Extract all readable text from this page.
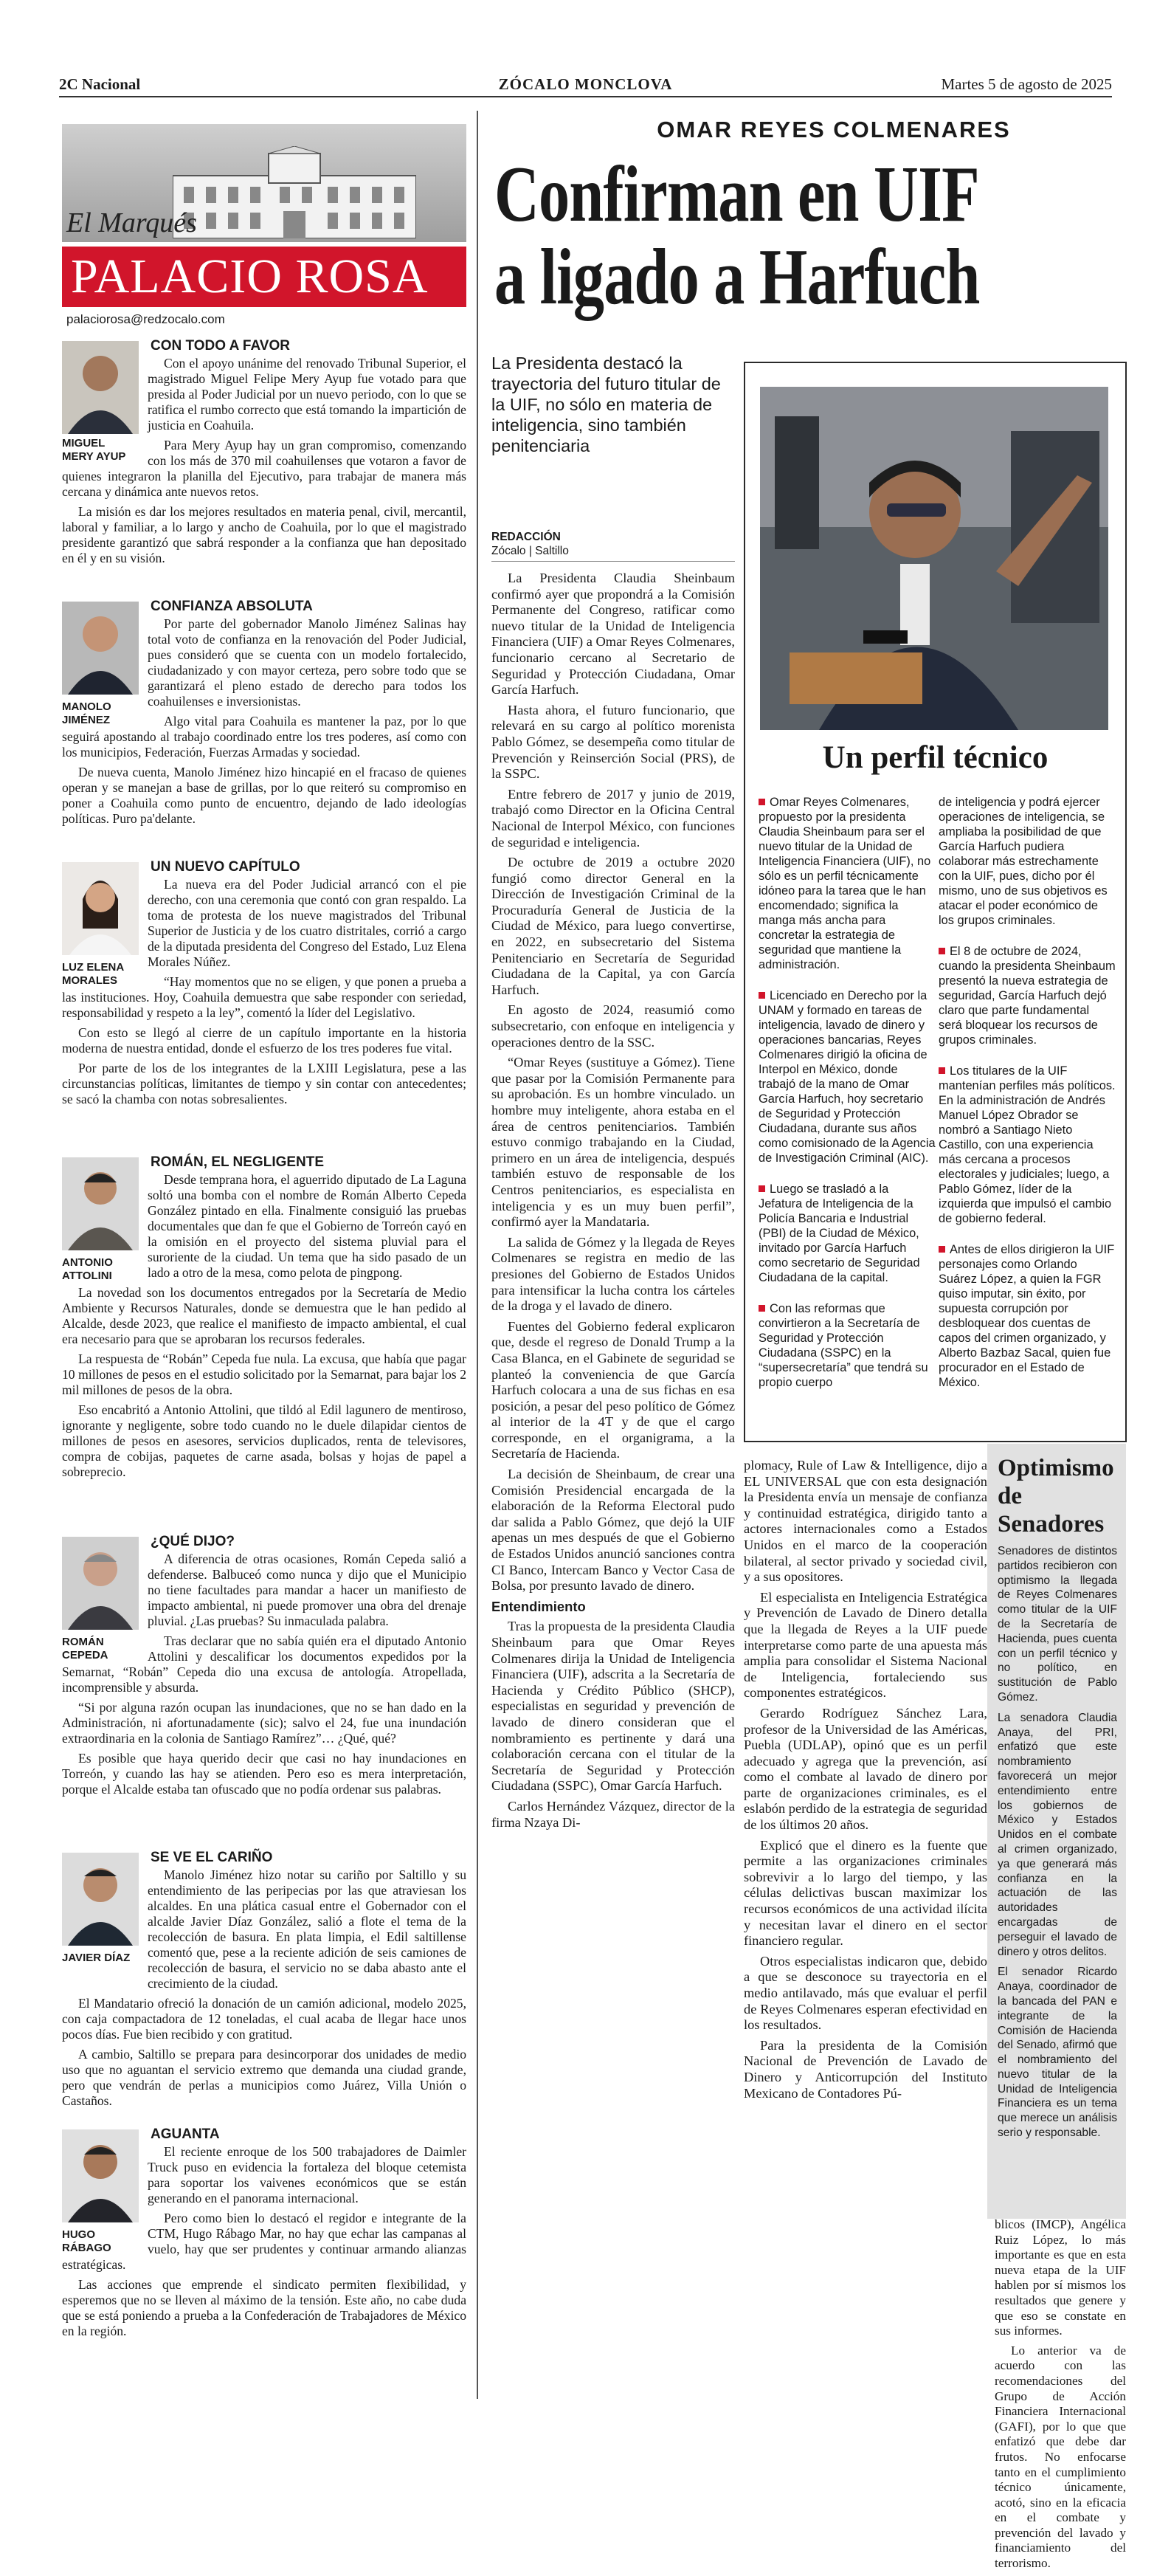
2C Nacional	ZÓCALO MONCLOVA	Martes 5 de agosto de 2025
El Marqués
PALACIO ROSA
palaciorosa@redzocalo.com
MIGUEL MERY AYUP
CON TODO A FAVOR

Con el apoyo unánime del renovado Tribunal Superior, el magistrado Miguel Felipe Mery Ayup fue votado para que presida al Poder Judicial por un nuevo periodo, con lo que se ratifica el rumbo correcto que está tomando la impartición de justicia en Coahuila.

Para Mery Ayup hay un gran compromiso, comenzando con los más de 370 mil coahuilenses que votaron a favor de quienes integraron la planilla del Ejecutivo, para trabajar de manera más cercana y dinámica ante nuevos retos.

La misión es dar los mejores resultados en materia penal, civil, mercantil, laboral y familiar, a lo largo y ancho de Coahuila, por lo que el magistrado presidente garantizó que sabrá responder a la confianza que han depositado en él y en su visión.

MANOLO JIMÉNEZ
CONFIANZA ABSOLUTA

Por parte del gobernador Manolo Jiménez Salinas hay total voto de confianza en la renovación del Poder Judicial, pues consideró que se cuenta con un modelo fortalecido, ciudadanizado y con mayor certeza, pero sobre todo que se garantizará el pleno estado de derecho para todos los coahuilenses e inversionistas.

Algo vital para Coahuila es mantener la paz, por lo que seguirá apostando al trabajo coordinado entre los tres poderes, así como con los municipios, Federación, Fuerzas Armadas y sociedad.

De nueva cuenta, Manolo Jiménez hizo hincapié en el fracaso de quienes operan y se manejan a base de grillas, por lo que reiteró su compromiso en poner a Coahuila como punto de encuentro, dejando de lado ideologías políticas. Puro pa'delante.

LUZ ELENA MORALES
UN NUEVO CAPÍTULO

La nueva era del Poder Judicial arrancó con el pie derecho, con una ceremonia que contó con gran respaldo. La toma de protesta de los nueve magistrados del Tribunal Superior de Justicia y de los cuatro distritales, corrió a cargo de la diputada presidenta del Congreso del Estado, Luz Elena Morales Núñez.

“Hay momentos que no se eligen, y que ponen a prueba a las instituciones. Hoy, Coahuila demuestra que sabe responder con seriedad, responsabilidad y respeto a la ley”, comentó la líder del Legislativo.

Con esto se llegó al cierre de un capítulo importante en la historia moderna de nuestra entidad, donde el esfuerzo de los tres poderes fue vital.

Por parte de los de los integrantes de la LXIII Legislatura, pese a las circunstancias políticas, limitantes de tiempo y sin contar con antecedentes; se sacó la chamba con notas sobresalientes.

ANTONIO ATTOLINI
ROMÁN, EL NEGLIGENTE

Desde temprana hora, el aguerrido diputado de La Laguna soltó una bomba con el nombre de Román Alberto Cepeda González pintado en ella. Finalmente consiguió las pruebas documentales que dan fe que el Gobierno de Torreón cayó en la omisión en el proyecto del sistema pluvial para el suroriente de la ciudad. Un tema que ha sido pasado de un lado a otro de la mesa, como pelota de pingpong.

La novedad son los documentos entregados por la Secretaría de Medio Ambiente y Recursos Naturales, donde se demuestra que le han pedido al Alcalde, desde 2023, que realice el manifiesto de impacto ambiental, el cual era necesario para que se aprobaran los recursos federales.

La respuesta de “Robán” Cepeda fue nula. La excusa, que había que pagar 10 millones de pesos en el estudio solicitado por la Semarnat, para bajar los 2 mil millones de pesos de la obra.

Eso encabritó a Antonio Attolini, que tildó al Edil lagunero de mentiroso, ignorante y negligente, sobre todo cuando no le duele dilapidar cientos de millones de pesos en asesores, servicios duplicados, renta de televisores, compra de cobijas, paquetes de carne asada, bolsas y hojas de papel a sobreprecio.

ROMÁN CEPEDA
¿QUÉ DIJO?

A diferencia de otras ocasiones, Román Cepeda salió a defenderse. Balbuceó como nunca y dijo que el Municipio no tiene facultades para mandar a hacer un manifiesto de impacto ambiental, ni puede promover una obra del drenaje pluvial. ¿Las pruebas? Su inmaculada palabra.

Tras declarar que no sabía quién era el diputado Antonio Attolini y descalificar los documentos expedidos por la Semarnat, “Robán” Cepeda dio una excusa de antología. Atropellada, incomprensible y absurda.

“Si por alguna razón ocupan las inundaciones, que no se han dado en la Administración, ni afortunadamente (sic); salvo el 24, fue una inundación extraordinaria en la colonia de Santiago Ramírez”… ¿Qué, qué?

Es posible que haya querido decir que casi no hay inundaciones en Torreón, y cuando las hay se atienden. Pero eso es mera interpretación, porque el Alcalde estaba tan ofuscado que no podía ordenar sus palabras.

JAVIER DÍAZ
SE VE EL CARIÑO

Manolo Jiménez hizo notar su cariño por Saltillo y su entendimiento de las peripecias por las que atraviesan los alcaldes. En una plática casual entre el Gobernador con el alcalde Javier Díaz González, salió a flote el tema de la recolección de basura. En plata limpia, el Edil saltillense comentó que, pese a la reciente adición de seis camiones de recolección de basura, el servicio no se daba abasto ante el crecimiento de la ciudad.

El Mandatario ofreció la donación de un camión adicional, modelo 2025, con caja compactadora de 12 toneladas, el cual acaba de llegar hace unos pocos días. Fue bien recibido y con gratitud.

A cambio, Saltillo se prepara para desincorporar dos unidades de medio uso que no aguantan el servicio extremo que demanda una ciudad grande, pero que vendrán de perlas a municipios como Juárez, Villa Unión o Castaños.

HUGO RÁBAGO
AGUANTA

El reciente enroque de los 500 trabajadores de Daimler Truck puso en evidencia la fortaleza del bloque cetemista para soportar los vaivenes económicos que se están generando en el panorama internacional.

Pero como bien lo destacó el regidor e integrante de la CTM, Hugo Rábago Mar, no hay que echar las campanas al vuelo, hay que ser prudentes y continuar armando alianzas estratégicas.

Las acciones que emprende el sindicato permiten flexibilidad, y esperemos que no se lleven al máximo de la tensión. Este año, no cabe duda que se está poniendo a prueba a la Confederación de Trabajadores de México en la región.

OMAR REYES COLMENARES
Confirman en UIF
a ligado a Harfuch
La Presidenta destacó la trayectoria del futuro titular de la UIF, no sólo en materia de inteligencia, sino también penitenciaria
REDACCIÓN
Zócalo | Saltillo

La Presidenta Claudia Sheinbaum confirmó ayer que propondrá a la Comisión Permanente del Congreso, ratificar como nuevo titular de la Unidad de Inteligencia Financiera (UIF) a Omar Reyes Colmenares, funcionario cercano al Secretario de Seguridad y Protección Ciudadana, Omar García Harfuch.

Hasta ahora, el futuro funcionario, que relevará en su cargo al político morenista Pablo Gómez, se desempeña como titular de Prevención y Reinserción Social (PRS), de la SSPC.

Entre febrero de 2017 y junio de 2019, trabajó como Director en la Oficina Central Nacional de Interpol México, con funciones de seguridad e inteligencia.

De octubre de 2019 a octubre 2020 fungió como director General en la Dirección de Investigación Criminal de la Procuraduría General de Justicia de la Ciudad de México, para luego convertirse, en 2022, en subsecretario del Sistema Penitenciario en Secretaría de Seguridad Ciudadana de la Capital, ya con García Harfuch.

En agosto de 2024, reasumió como subsecretario, con enfoque en inteligencia y operaciones dentro de la SSC.

“Omar Reyes (sustituye a Gómez). Tiene que pasar por la Comisión Permanente para su aprobación. Es un hombre vinculado. un hombre muy inteligente, ahora estaba en el área de centros penitenciarios. También estuvo conmigo trabajando en la Ciudad, primero en un área de inteligencia, después también estuvo de responsable de los Centros penitenciarios, es especialista en inteligencia y es un muy buen perfil”, confirmó ayer la Mandataria.

La salida de Gómez y la llegada de Reyes Colmenares se registra en medio de las presiones del Gobierno de Estados Unidos para intensificar la lucha contra los cárteles de la droga y el lavado de dinero.

Fuentes del Gobierno federal explicaron que, desde el regreso de Donald Trump a la Casa Blanca, en el Gabinete de seguridad se planteó la conveniencia de que García Harfuch colocara a una de sus fichas en esa posición, a pesar del peso político de Gómez al interior de la 4T y de que el cargo corresponde, en el organigrama, a la Secretaría de Hacienda.

La decisión de Sheinbaum, de crear una Comisión Presidencial encargada de la elaboración de la Reforma Electoral pudo dar salida a Pablo Gómez, que dejó la UIF apenas un mes después de que el Gobierno de Estados Unidos anunció sanciones contra CI Banco, Intercam Banco y Vector Casa de Bolsa, por presunto lavado de dinero.

Entendimiento

Tras la propuesta de la presidenta Claudia Sheinbaum para que Omar Reyes Colmenares dirija la Unidad de Inteligencia Financiera (UIF), adscrita a la Secretaría de Hacienda y Crédito Público (SHCP), especialistas en seguridad y prevención de lavado de dinero consideran que el nombramiento es pertinente y dará una colaboración cercana con el titular de la Secretaría de Seguridad y Protección Ciudadana (SSPC), Omar García Harfuch.

Carlos Hernández Vázquez, director de la firma Nzaya Di-

Un perfil técnico

Omar Reyes Colmenares, propuesto por la presidenta Claudia Sheinbaum para ser el nuevo titular de la Unidad de Inteligencia Financiera (UIF), no sólo es un perfil técnicamente idóneo para la tarea que le han encomendado; significa la manga más ancha para concretar la estrategia de seguridad que mantiene la administración.

Licenciado en Derecho por la UNAM y formado en tareas de inteligencia, lavado de dinero y operaciones bancarias, Reyes Colmenares dirigió la oficina de Interpol en México, donde trabajó de la mano de Omar García Harfuch, hoy secretario de Seguridad y Protección Ciudadana, durante sus años como comisionado de la Agencia de Investigación Criminal (AIC).

Luego se trasladó a la Jefatura de Inteligencia de la Policía Bancaria e Industrial (PBI) de la Ciudad de México, invitado por García Harfuch como secretario de Seguridad Ciudadana de la capital.

Con las reformas que convirtieron a la Secretaría de Seguridad y Protección Ciudadana (SSPC) en la “supersecretaría” que tendrá su propio cuerpo

de inteligencia y podrá ejercer operaciones de inteligencia, se ampliaba la posibilidad de que García Harfuch pudiera colaborar más estrechamente con la UIF, pues, dicho por él mismo, uno de sus objetivos es atacar el poder económico de los grupos criminales.

El 8 de octubre de 2024, cuando la presidenta Sheinbaum presentó la nueva estrategia de seguridad, García Harfuch dejó claro que parte fundamental será bloquear los recursos de grupos criminales.

Los titulares de la UIF mantenían perfiles más políticos. En la administración de Andrés Manuel López Obrador se nombró a Santiago Nieto Castillo, con una experiencia más cercana a procesos electorales y judiciales; luego, a Pablo Gómez, líder de la izquierda que impulsó el cambio de gobierno federal.

Antes de ellos dirigieron la UIF personajes como Orlando Suárez López, a quien la FGR quiso imputar, sin éxito, por supuesta corrupción por desbloquear dos cuentas de capos del crimen organizado, y Alberto Bazbaz Sacal, quien fue procurador en el Estado de México.

plomacy, Rule of Law & Intelligence, dijo a EL UNIVERSAL que con esta designación la Presidenta envía un mensaje de confianza y continuidad estratégica, dirigido tanto a actores internacionales como a Estados Unidos en el marco de la cooperación bilateral, al sector privado y sociedad civil, y a sus opositores.

El especialista en Inteligencia Estratégica y Prevención de Lavado de Dinero detalla que la llegada de Reyes a la UIF puede interpretarse como parte de una apuesta más amplia para consolidar el Sistema Nacional de Inteligencia, fortaleciendo sus componentes estratégicos.

Gerardo Rodríguez Sánchez Lara, profesor de la Universidad de las Américas, Puebla (UDLAP), opinó que es un perfil adecuado y agrega que la prevención, así como el combate al lavado de dinero por parte de organizaciones criminales, es el eslabón perdido de la estrategia de seguridad de los últimos 20 años.

Explicó que el dinero es la fuente que permite a las organizaciones criminales sobrevivir a lo largo del tiempo, y las células delictivas buscan maximizar los recursos económicos de una actividad ilícita y necesitan lavar el dinero en el sector financiero regular.

Otros especialistas indicaron que, debido a que se desconoce su trayectoria en el medio antilavado, más que evaluar el perfil de Reyes Colmenares esperan efectividad en los resultados.

Para la presidenta de la Comisión Nacional de Prevención de Lavado de Dinero y Anticorrupción del Instituto Mexicano de Contadores Pú-

Optimismo de Senadores

Senadores de distintos partidos recibieron con optimismo la llegada de Reyes Colmenares como titular de la UIF de la Secretaría de Hacienda, pues cuenta con un perfil técnico y no político, en sustitución de Pablo Gómez.

La senadora Claudia Anaya, del PRI, enfatizó que este nombramiento favorecerá un mejor entendimiento entre los gobiernos de México y Estados Unidos en el combate al crimen organizado, ya que generará más confianza en la actuación de las autoridades encargadas de perseguir el lavado de dinero y otros delitos.

El senador Ricardo Anaya, coordinador de la bancada del PAN e integrante de la Comisión de Hacienda del Senado, afirmó que el nombramiento del nuevo titular de la Unidad de Inteligencia Financiera es un tema que merece un análisis serio y responsable.

blicos (IMCP), Angélica Ruiz López, lo más importante es que en esta nueva etapa de la UIF hablen por sí mismos los resultados que genere y que eso se constate en sus informes.

Lo anterior va de acuerdo con las recomendaciones del Grupo de Acción Financiera Internacional (GAFI), por lo que que enfatizó que debe dar frutos. No enfocarse tanto en el cumplimiento técnico únicamente, acotó, sino en la eficacia en el combate y prevención del lavado y financiamiento del terrorismo.
